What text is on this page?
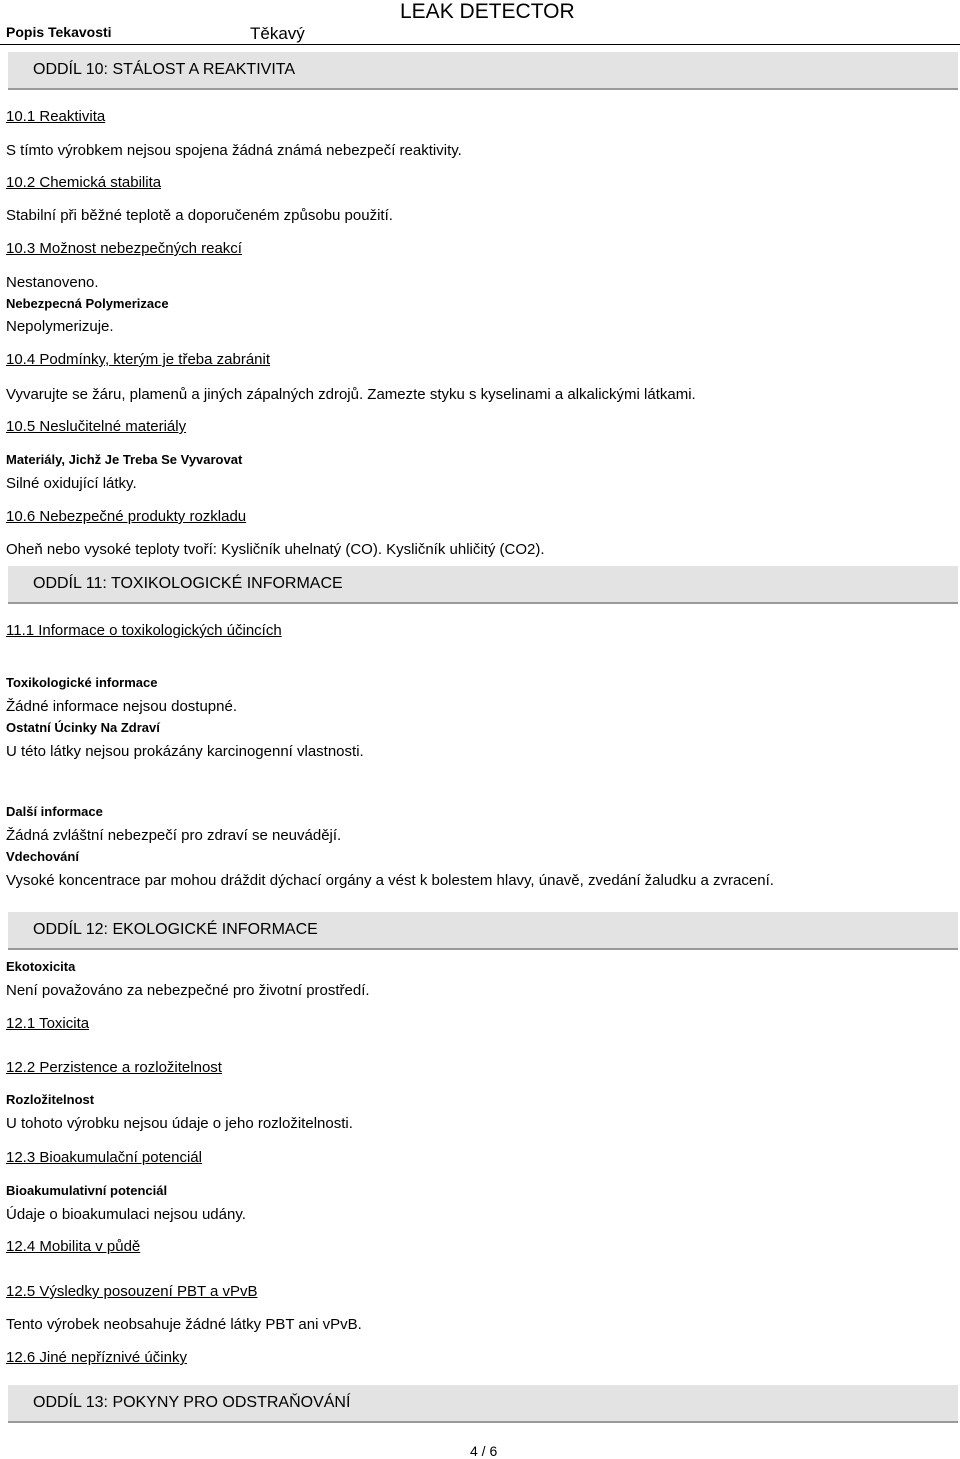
Popis Tekavosti	Těkavý
LEAK DETECTOR
ODDÍL 10: STÁLOST A REAKTIVITA
10.1 Reaktivita
S tímto výrobkem nejsou spojena žádná známá nebezpečí reaktivity.
10.2 Chemická stabilita
Stabilní při běžné teplotě a doporučeném způsobu použití.
10.3 Možnost nebezpečných reakcí
Nestanoveno.
Nebezpecná Polymerizace
Nepolymerizuje.
10.4 Podmínky, kterým je třeba zabránit
Vyvarujte se žáru, plamenů a jiných zápalných zdrojů. Zamezte styku s kyselinami a alkalickými látkami.
10.5 Neslučitelné materiály
Materiály, Jichž Je Treba Se Vyvarovat
Silné oxidující látky.
10.6 Nebezpečné produkty rozkladu
Oheň nebo vysoké teploty tvoří: Kysličník uhelnatý (CO). Kysličník uhličitý (CO2).
ODDÍL 11: TOXIKOLOGICKÉ INFORMACE
11.1 Informace o toxikologických účincích
Toxikologické informace
Žádné informace nejsou dostupné.
Ostatní Úcinky Na Zdraví
U této látky nejsou prokázány karcinogenní vlastnosti.
Další informace
Žádná zvláštní nebezpečí pro zdraví se neuvádějí.
Vdechování
Vysoké koncentrace par mohou dráždit dýchací orgány a vést k bolestem hlavy, únavě, zvedání žaludku a zvracení.
ODDÍL 12: EKOLOGICKÉ INFORMACE
Ekotoxicita
Není považováno za nebezpečné pro životní prostředí.
12.1 Toxicita
12.2 Perzistence a rozložitelnost
Rozložitelnost
U tohoto výrobku nejsou údaje o jeho rozložitelnosti.
12.3 Bioakumulační potenciál
Bioakumulativní potenciál
Údaje o bioakumulaci nejsou udány.
12.4 Mobilita v půdě
12.5 Výsledky posouzení PBT a vPvB
Tento výrobek neobsahuje žádné látky PBT ani vPvB.
12.6 Jiné nepříznivé účinky
ODDÍL 13: POKYNY PRO ODSTRAŇOVÁNÍ
4 / 6
